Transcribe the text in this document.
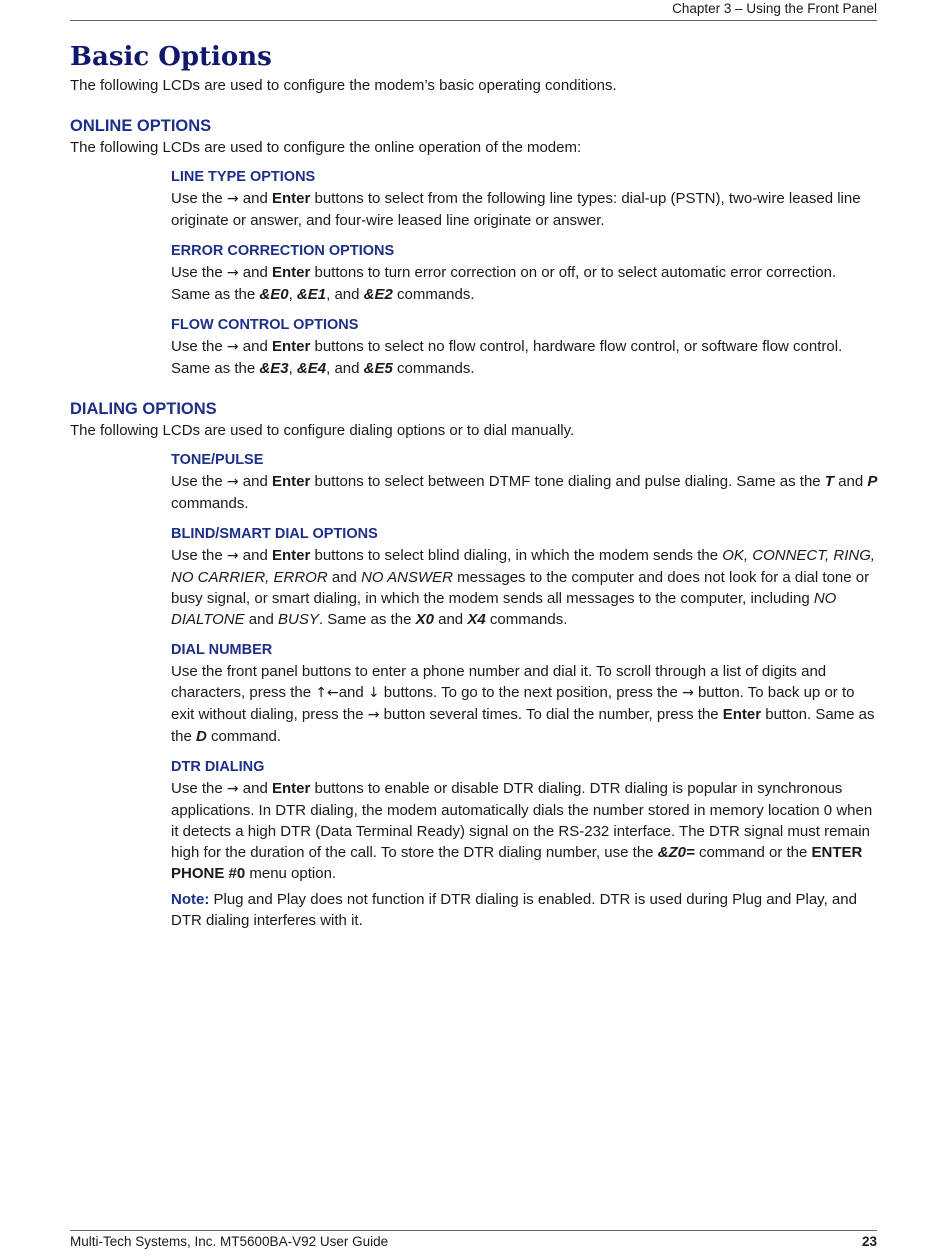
Chapter 3 – Using the Front Panel
Basic Options

The following LCDs are used to configure the modem’s basic operating conditions.

ONLINE OPTIONS

The following LCDs are used to configure the online operation of the modem:

LINE TYPE OPTIONS

Use the → and Enter buttons to select from the following line types: dial-up (PSTN), two-wire leased line originate or answer, and four-wire leased line originate or answer.

ERROR CORRECTION OPTIONS

Use the → and Enter buttons to turn error correction on or off, or to select automatic error correction. Same as the &E0, &E1, and &E2 commands.

FLOW CONTROL OPTIONS

Use the → and Enter buttons to select no flow control, hardware flow control, or software flow control. Same as the &E3, &E4, and &E5 commands.

DIALING OPTIONS

The following LCDs are used to configure dialing options or to dial manually.

TONE/PULSE

Use the → and Enter buttons to select between DTMF tone dialing and pulse dialing. Same as the T and P commands.

BLIND/SMART DIAL OPTIONS

Use the → and Enter buttons to select blind dialing, in which the modem sends the OK, CONNECT, RING, NO CARRIER, ERROR and NO ANSWER messages to the computer and does not look for a dial tone or busy signal, or smart dialing, in which the modem sends all messages to the computer, including NO DIALTONE and BUSY. Same as the X0 and X4 commands.

DIAL NUMBER

Use the front panel buttons to enter a phone number and dial it. To scroll through a list of digits and characters, press the ↑←and ↓ buttons. To go to the next position, press the → button. To back up or to exit without dialing, press the → button several times. To dial the number, press the Enter button. Same as the D command.

DTR DIALING

Use the → and Enter buttons to enable or disable DTR dialing. DTR dialing is popular in synchronous applications. In DTR dialing, the modem automatically dials the number stored in memory location 0 when it detects a high DTR (Data Terminal Ready) signal on the RS-232 interface. The DTR signal must remain high for the duration of the call. To store the DTR dialing number, use the &Z0= command or the ENTER PHONE #0 menu option.

Note: Plug and Play does not function if DTR dialing is enabled. DTR is used during Plug and Play, and DTR dialing interferes with it.

Multi-Tech Systems, Inc. MT5600BA-V92 User Guide	23
